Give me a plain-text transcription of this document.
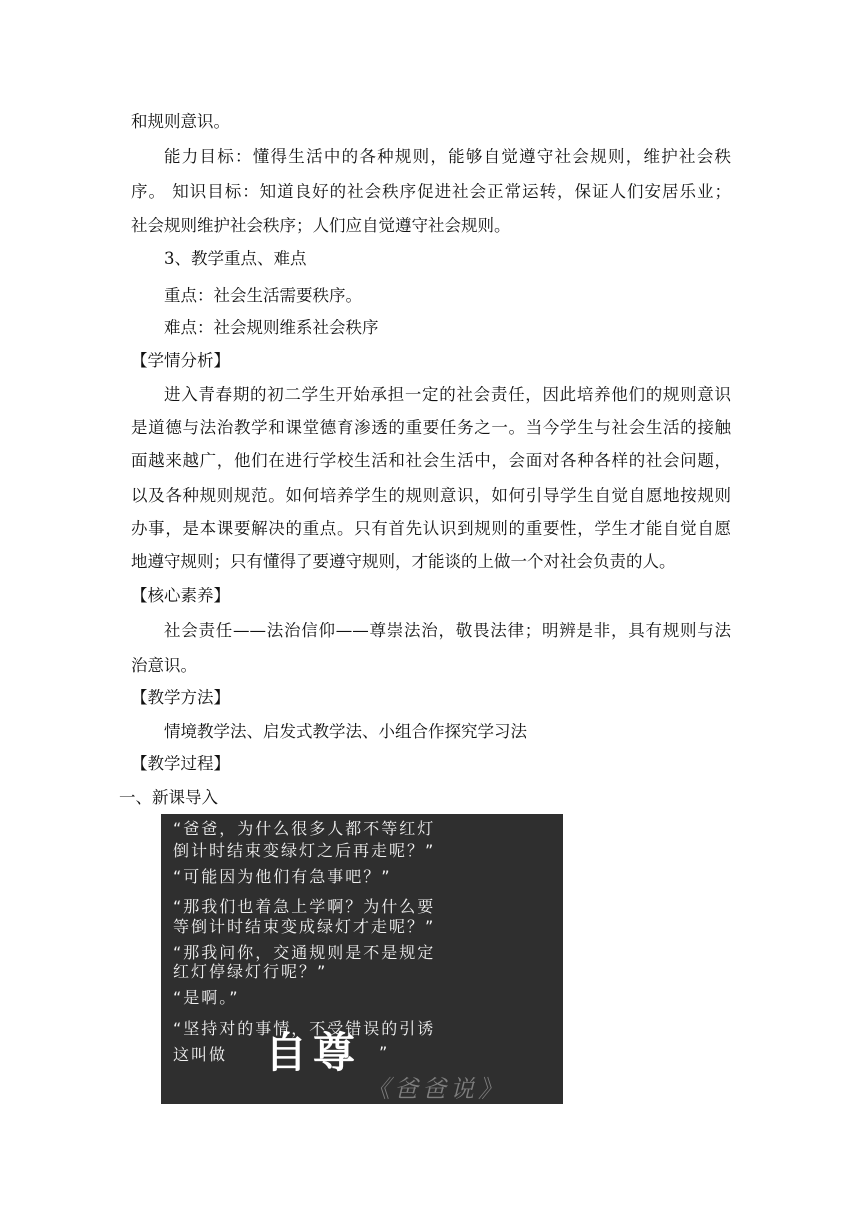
和规则意识。
能力目标：懂得生活中的各种规则，能够自觉遵守社会规则，维护社会秩
序。 知识目标：知道良好的社会秩序促进社会正常运转，保证人们安居乐业；
社会规则维护社会秩序；人们应自觉遵守社会规则。
3、教学重点、难点
重点：社会生活需要秩序。
难点：社会规则维系社会秩序
【学情分析】
进入青春期的初二学生开始承担一定的社会责任，因此培养他们的规则意识
是道德与法治教学和课堂德育渗透的重要任务之一。当今学生与社会生活的接触
面越来越广，他们在进行学校生活和社会生活中，会面对各种各样的社会问题，
以及各种规则规范。如何培养学生的规则意识，如何引导学生自觉自愿地按规则
办事，是本课要解决的重点。只有首先认识到规则的重要性，学生才能自觉自愿
地遵守规则；只有懂得了要遵守规则，才能谈的上做一个对社会负责的人。
【核心素养】
社会责任——法治信仰——尊崇法治，敬畏法律；明辨是非，具有规则与法
治意识。
【教学方法】
情境教学法、启发式教学法、小组合作探究学习法
【教学过程】
一、新课导入
“爸爸，为什么很多人都不等红灯
倒计时结束变绿灯之后再走呢？”
“可能因为他们有急事吧？”
“那我们也着急上学啊？为什么要
等倒计时结束变成绿灯才走呢？”
“那我问你，交通规则是不是规定
红灯停绿灯行呢？”
“是啊。”
“坚持对的事情，不受错误的引诱
这叫做 自尊 ”
《爸爸说》
